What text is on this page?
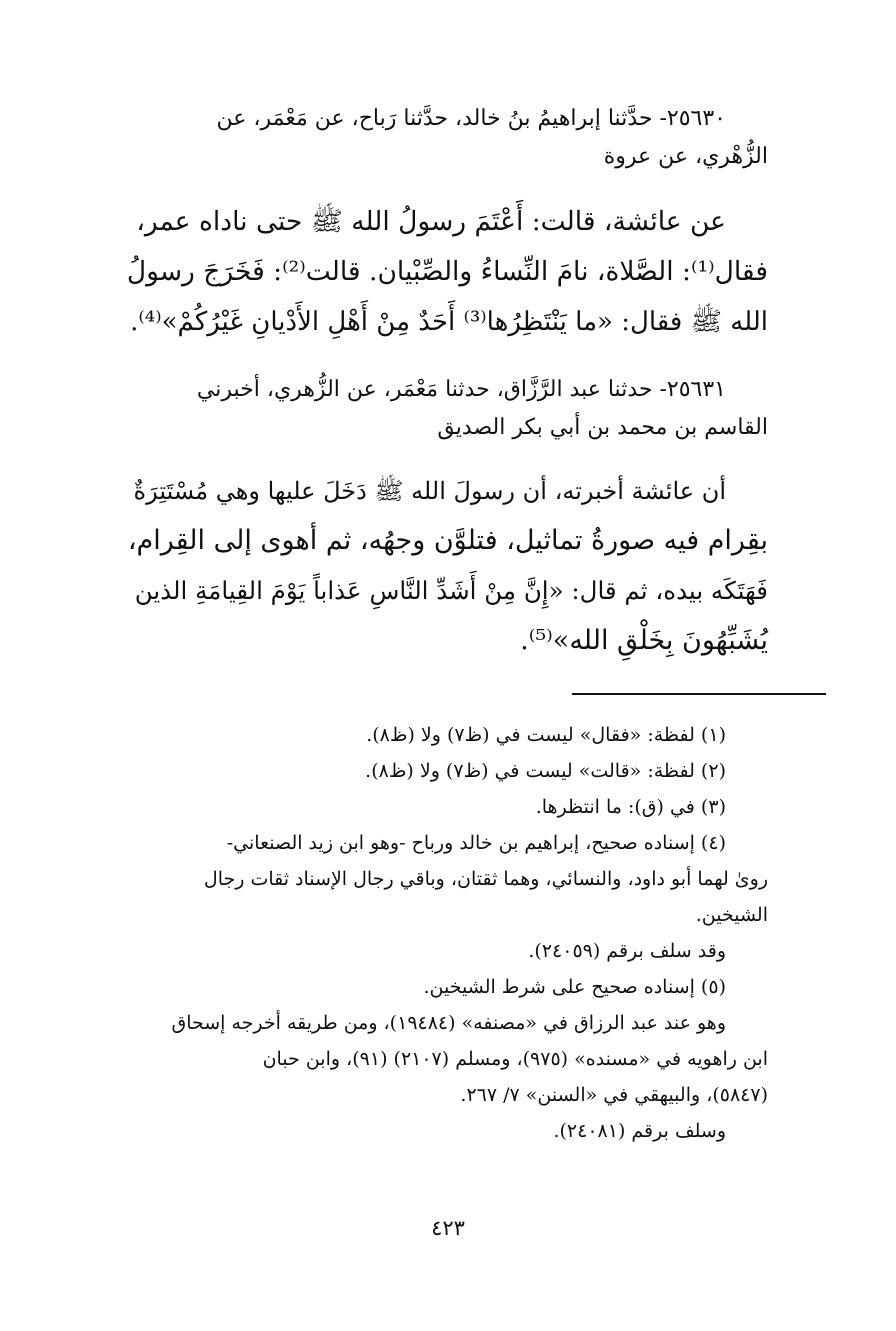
٢٥٦٣٠- حدَّثنا إبراهيمُ بنُ خالد، حدَّثنا رَباح، عن مَعْمَر، عن
الزُّهْري، عن عروة
عن عائشة، قالت: أَعْتَمَ رسولُ الله ﷺ حتى ناداه عمر،
فقال⁽¹⁾: الصَّلاة، نامَ النِّساءُ والصِّبْيان. قالت⁽²⁾: فَخَرَجَ رسولُ
الله ﷺ فقال: «ما يَنْتَظِرُها⁽³⁾ أَحَدٌ مِنْ أَهْلِ الأَدْيانِ غَيْرُكُمْ»⁽⁴⁾.
٢٥٦٣١- حدثنا عبد الرَّزَّاق، حدثنا مَعْمَر، عن الزُّهري، أخبرني
القاسم بن محمد بن أبي بكر الصديق
أن عائشة أخبرته، أن رسولَ الله ﷺ دَخَلَ عليها وهي مُسْتَتِرَةٌ
بقِرام فيه صورةُ تماثيل، فتلوَّن وجهُه، ثم أهوى إلى القِرام،
فَهَتَكَه بيده، ثم قال: «إِنَّ مِنْ أَشَدِّ النَّاسِ عَذاباً يَوْمَ القِيامَةِ الذين
يُشَبِّهُونَ بِخَلْقِ الله»⁽⁵⁾.
(١) لفظة: «فقال» ليست في (ظ٧) ولا (ظ٨).
(٢) لفظة: «قالت» ليست في (ظ٧) ولا (ظ٨).
(٣) في (ق): ما انتظرها.
(٤) إسناده صحيح، إبراهيم بن خالد ورباح -وهو ابن زيد الصنعاني-
روىٰ لهما أبو داود، والنسائي، وهما ثقتان، وباقي رجال الإسناد ثقات رجال
الشيخين.
وقد سلف برقم (٢٤٠٥٩).
(٥) إسناده صحيح على شرط الشيخين.
وهو عند عبد الرزاق في «مصنفه» (١٩٤٨٤)، ومن طريقه أخرجه إسحاق
ابن راهويه في «مسنده» (٩٧٥)، ومسلم (٢١٠٧) (٩١)، وابن حبان
(٥٨٤٧)، والبيهقي في «السنن» ٧/ ٢٦٧.
وسلف برقم (٢٤٠٨١).
٤٢٣
